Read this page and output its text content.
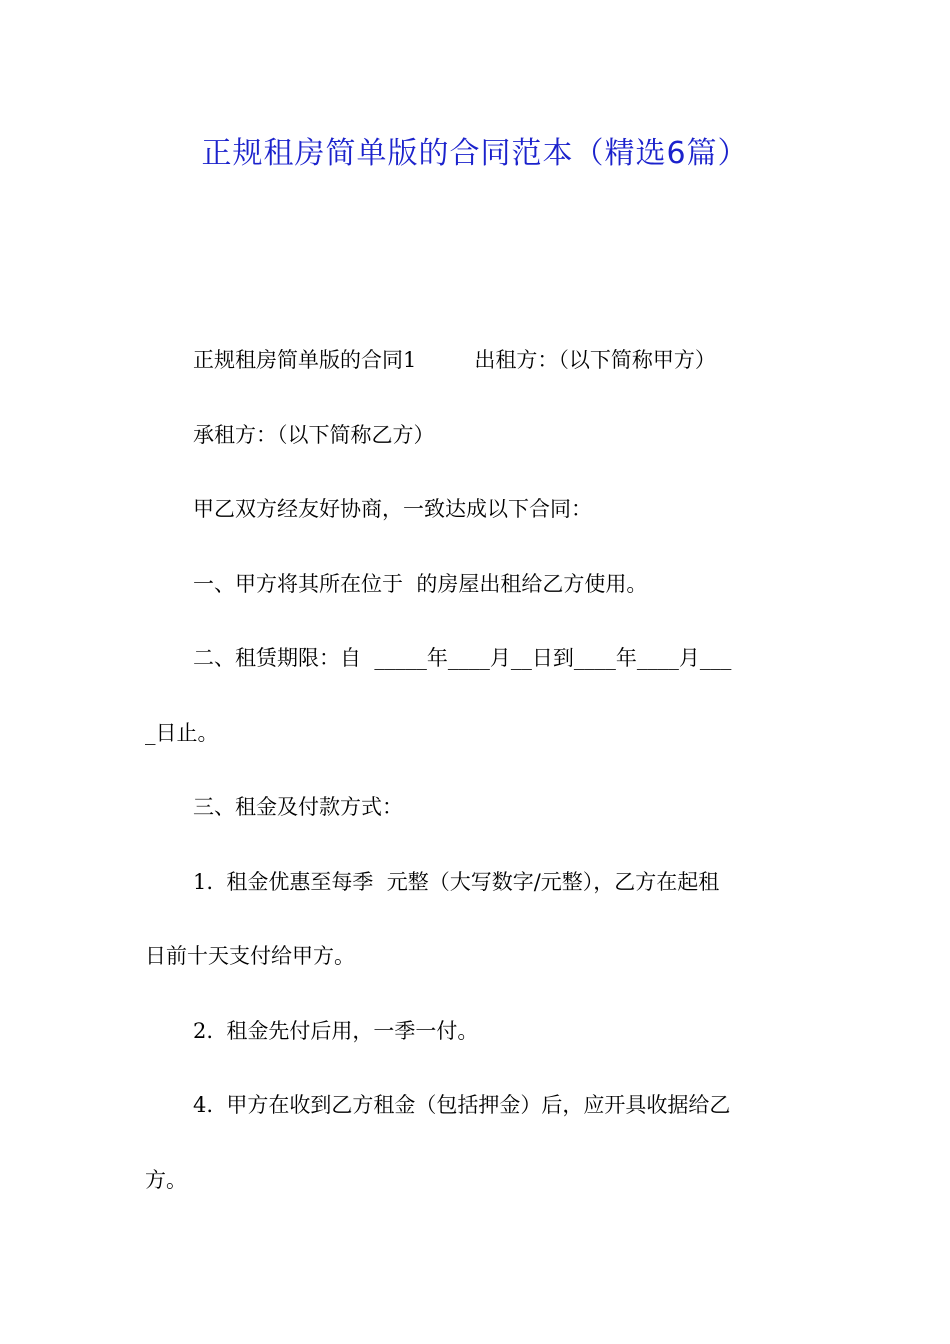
正规租房简单版的合同范本（精选6篇）
正规租房简单版的合同1	出租方：（以下简称甲方）
承租方：（以下简称乙方）
甲乙双方经友好协商，一致达成以下合同：
一、甲方将其所在位于  的房屋出租给乙方使用。
二、租赁期限：自  _____年____月__日到____年____月___
_日止。
三、租金及付款方式：
1.  租金优惠至每季  元整（大写数字/元整），乙方在起租
日前十天支付给甲方。
2.  租金先付后用，一季一付。
4.  甲方在收到乙方租金（包括押金）后，应开具收据给乙
方。
